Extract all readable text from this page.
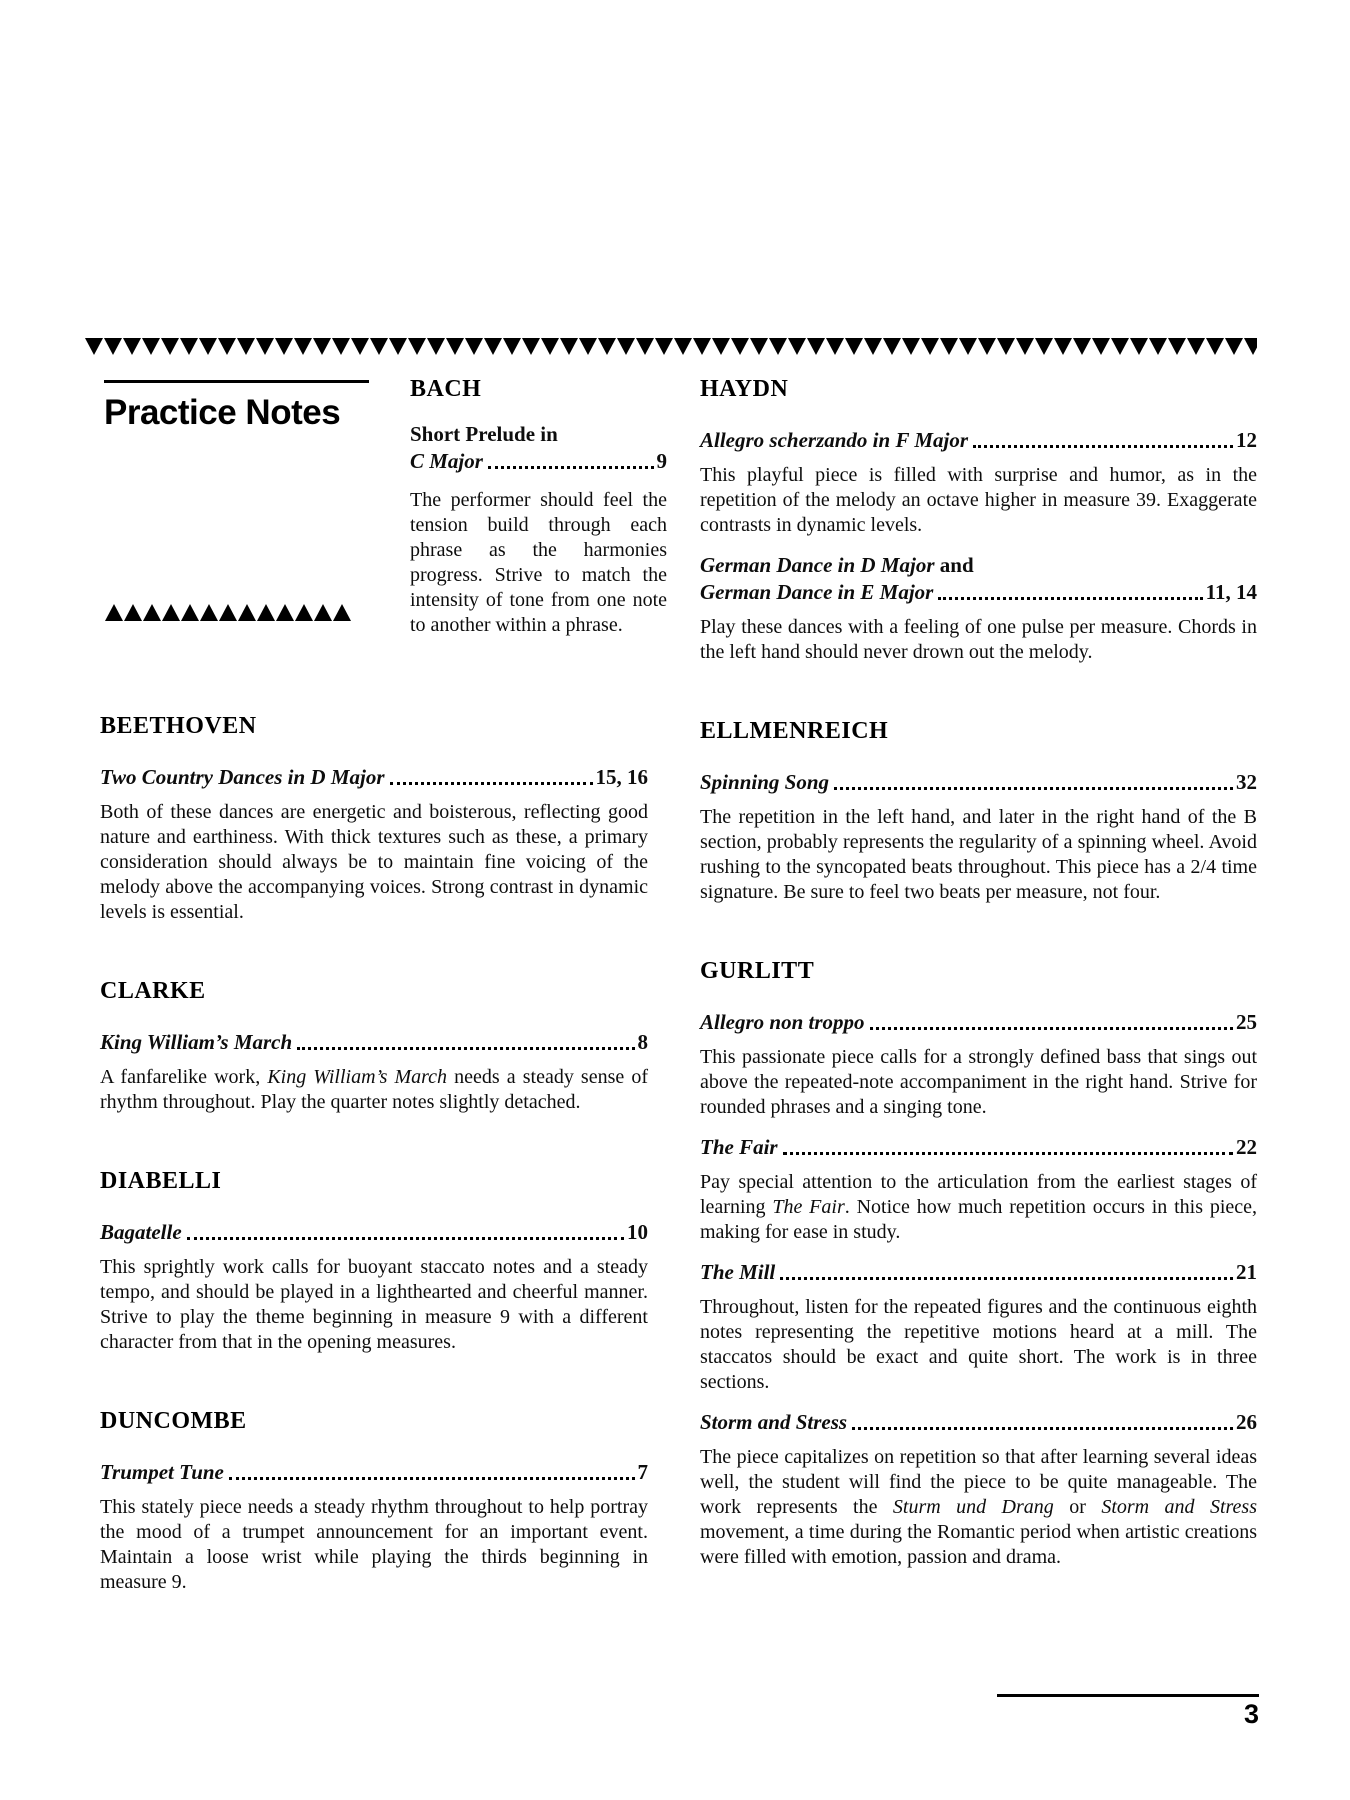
Practice Notes
BACH
Short Prelude in
C Major	9

The performer should feel the tension build through each phrase as the harmonies progress. Strive to match the intensity of tone from one note to another within a phrase.

BEETHOVEN
Two Country Dances in D Major	15, 16

Both of these dances are energetic and boisterous, reflecting good nature and earthiness. With thick textures such as these, a primary consideration should always be to maintain fine voicing of the melody above the accompanying voices. Strong contrast in dynamic levels is essential.

CLARKE
King William’s March	8

A fanfarelike work, King William’s March needs a steady sense of rhythm throughout. Play the quarter notes slightly detached.

DIABELLI
Bagatelle	10

This sprightly work calls for buoyant staccato notes and a steady tempo, and should be played in a lighthearted and cheerful manner. Strive to play the theme beginning in measure 9 with a different character from that in the opening measures.

DUNCOMBE
Trumpet Tune	7

This stately piece needs a steady rhythm throughout to help portray the mood of a trumpet announcement for an important event. Maintain a loose wrist while playing the thirds beginning in measure 9.

HAYDN
Allegro scherzando in F Major	12

This playful piece is filled with surprise and humor, as in the repetition of the melody an octave higher in measure 39. Exaggerate contrasts in dynamic levels.

German Dance in D Major and
German Dance in E Major	11, 14

Play these dances with a feeling of one pulse per measure. Chords in the left hand should never drown out the melody.

ELLMENREICH
Spinning Song	32

The repetition in the left hand, and later in the right hand of the B section, probably represents the regularity of a spinning wheel. Avoid rushing to the syncopated beats throughout. This piece has a 2/4 time signature. Be sure to feel two beats per measure, not four.

GURLITT
Allegro non troppo	25

This passionate piece calls for a strongly defined bass that sings out above the repeated-note accompaniment in the right hand. Strive for rounded phrases and a singing tone.

The Fair	22

Pay special attention to the articulation from the earliest stages of learning The Fair. Notice how much repetition occurs in this piece, making for ease in study.

The Mill	21

Throughout, listen for the repeated figures and the continuous eighth notes representing the repetitive motions heard at a mill. The staccatos should be exact and quite short. The work is in three sections.

Storm and Stress	26

The piece capitalizes on repetition so that after learning several ideas well, the student will find the piece to be quite manageable. The work represents the Sturm und Drang or Storm and Stress movement, a time during the Romantic period when artistic creations were filled with emotion, passion and drama.

3
